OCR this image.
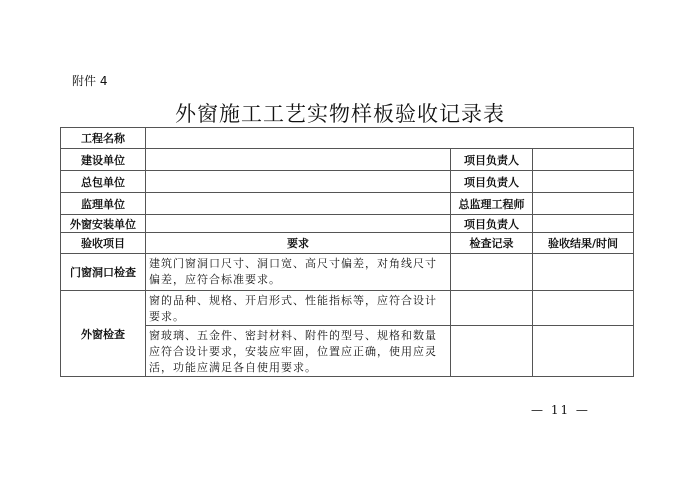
附件 4
外窗施工工艺实物样板验收记录表
工程名称			
建设单位		项目负责人	
总包单位		项目负责人	
监理单位		总监理工程师	
外窗安装单位		项目负责人	
验收项目	要求	检查记录	验收结果/时间
门窗洞口检查	建筑门窗洞口尺寸、洞口宽、高尺寸偏差，对角线尺寸偏差，应符合标准要求。		
外窗检查	窗的品种、规格、开启形式、性能指标等，应符合设计要求。		
	窗玻璃、五金件、密封材料、附件的型号、规格和数量应符合设计要求，安装应牢固，位置应正确，使用应灵活，功能应满足各自使用要求。		
— 11 —
